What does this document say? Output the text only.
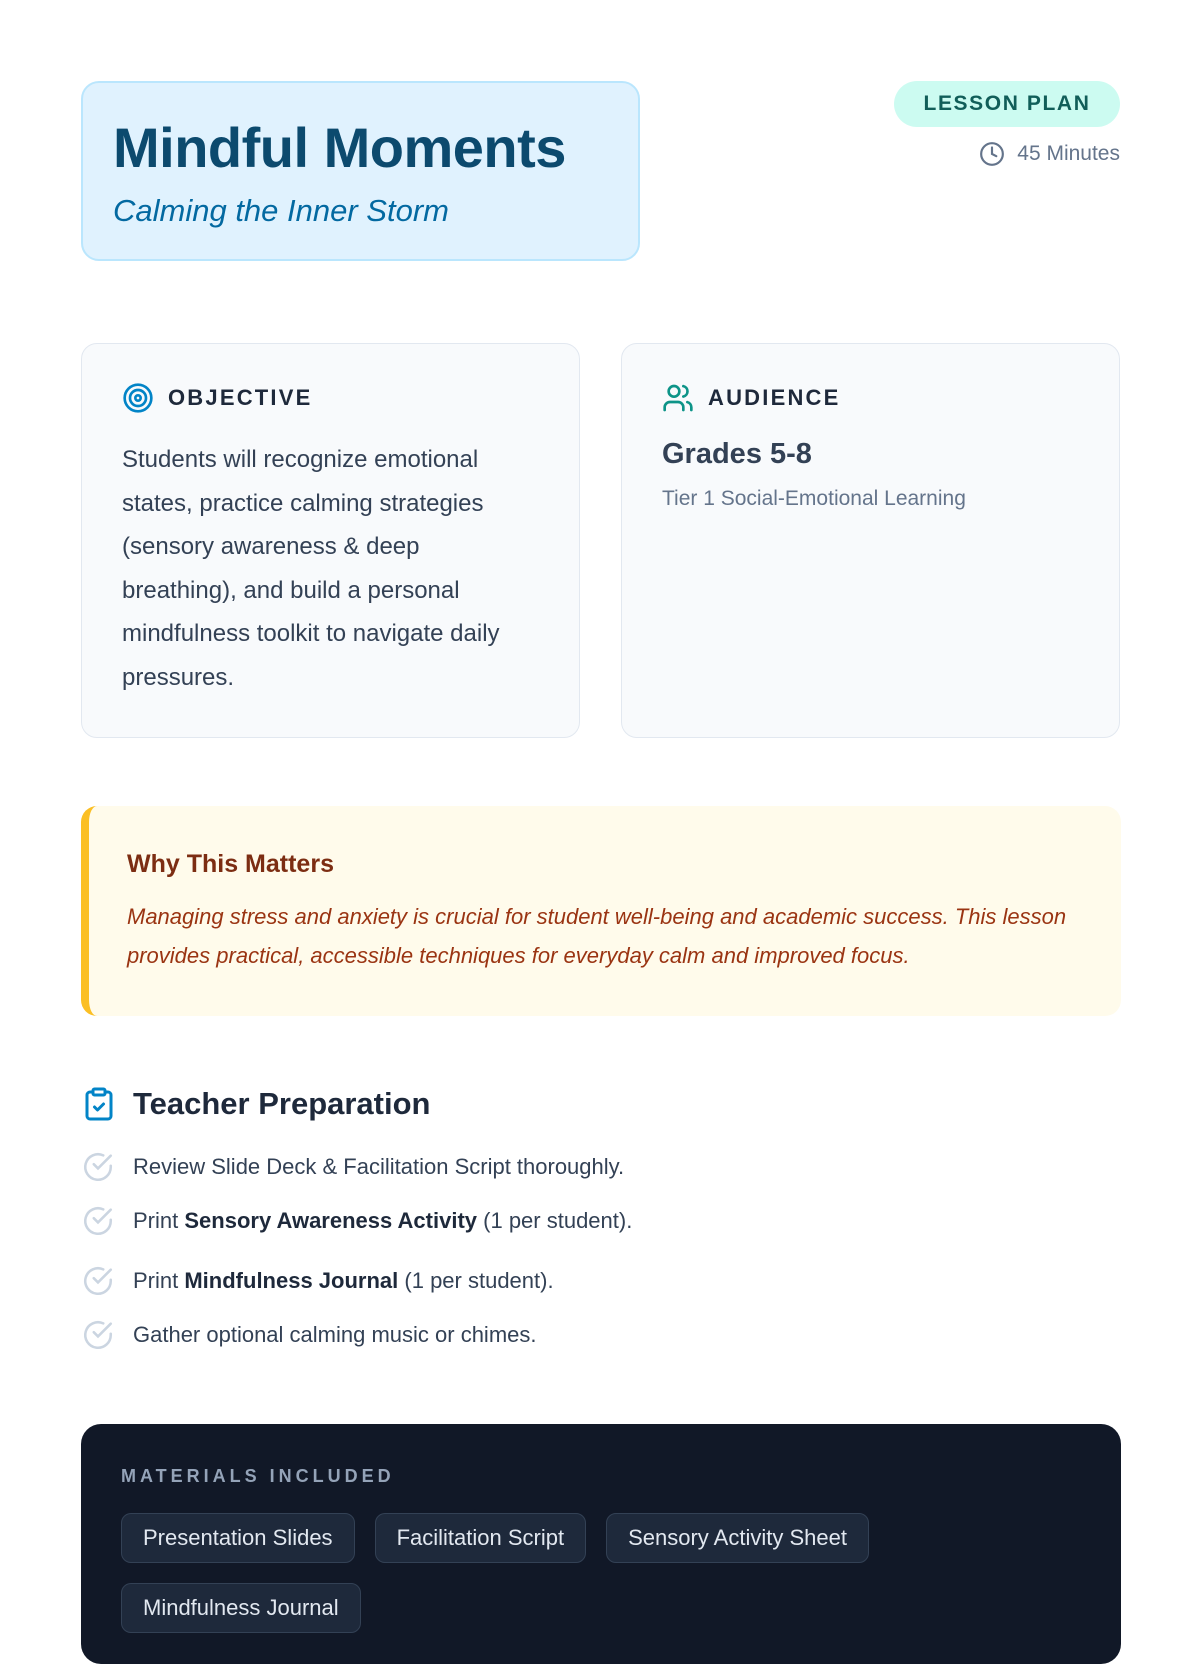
Mindful Moments
Calming the Inner Storm
LESSON PLAN
45 Minutes
OBJECTIVE
Students will recognize emotional states, practice calming strategies (sensory awareness & deep breathing), and build a personal mindfulness toolkit to navigate daily pressures.
AUDIENCE
Grades 5-8
Tier 1 Social-Emotional Learning
Why This Matters

Managing stress and anxiety is crucial for student well-being and academic success. This lesson provides practical, accessible techniques for everyday calm and improved focus.

Teacher Preparation
Review Slide Deck & Facilitation Script thoroughly.
Print Sensory Awareness Activity (1 per student).
Print Mindfulness Journal (1 per student).
Gather optional calming music or chimes.
MATERIALS INCLUDED
Presentation Slides	Facilitation Script	Sensory Activity Sheet
Mindfulness Journal
